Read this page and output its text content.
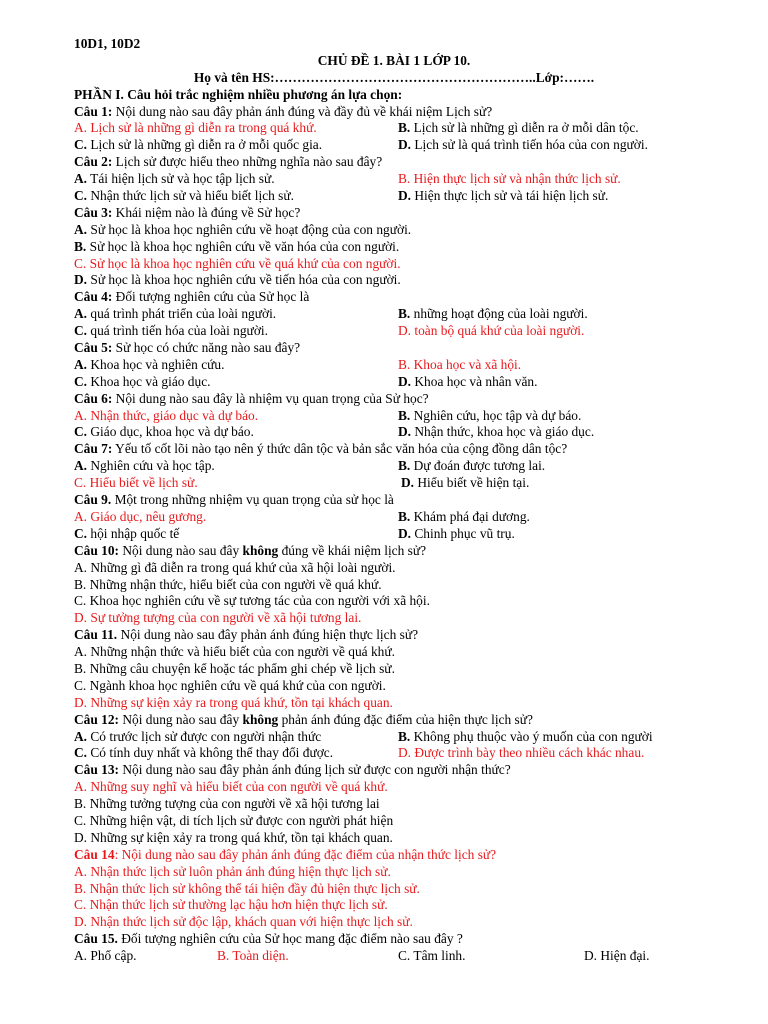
10D1, 10D2
CHỦ ĐỀ 1. BÀI 1 LỚP 10.
Họ và tên HS:…………………………………………………..Lớp:…….
PHẦN I. Câu hỏi trắc nghiệm nhiều phương án lựa chọn:
Câu 1: Nội dung nào sau đây phản ánh đúng và đầy đủ về khái niệm Lịch sử?
A. Lịch sử là những gì diễn ra trong quá khứ.	B. Lịch sử là những gì diễn ra ở mỗi dân tộc.
C. Lịch sử là những gì diễn ra ở mỗi quốc gia.	D. Lịch sử là quá trình tiến hóa của con người.
Câu 2: Lịch sử được hiểu theo những nghĩa nào sau đây?
A. Tái hiện lịch sử và học tập lịch sử.	B. Hiện thực lịch sử và nhận thức lịch sử.
C. Nhận thức lịch sử và hiểu biết lịch sử.	D. Hiện thực lịch sử và tái hiện lịch sử.
Câu 3: Khái niệm nào là đúng về Sử học?
A. Sử học là khoa học nghiên cứu về hoạt động của con người.
B. Sử học là khoa học nghiên cứu về văn hóa của con người.
C. Sử học là khoa học nghiên cứu về quá khứ của con người.
D. Sử học là khoa học nghiên cứu về tiến hóa của con người.
Câu 4: Đối tượng nghiên cứu của Sử học là
A. quá trình phát triển của loài người.	B. những hoạt động của loài người.
C. quá trình tiến hóa của loài người.	D. toàn bộ quá khứ của loài người.
Câu 5: Sử học có chức năng nào sau đây?
A. Khoa học và nghiên cứu.	B. Khoa học và xã hội.
C. Khoa học và giáo dục.	D. Khoa học và nhân văn.
Câu 6: Nội dung nào sau đây là nhiệm vụ quan trọng của Sử học?
A. Nhận thức, giáo dục và dự báo.	B. Nghiên cứu, học tập và dự báo.
C. Giáo dục, khoa học và dự báo.	D. Nhận thức, khoa học và giáo dục.
Câu 7: Yếu tố cốt lõi nào tạo nên ý thức dân tộc và bản sắc văn hóa của cộng đồng dân tộc?
A. Nghiên cứu và học tập.	B. Dự đoán được tương lai.
C. Hiểu biết về lịch sử.	D. Hiểu biết về hiện tại.
Câu 9. Một trong những nhiệm vụ quan trọng của sử học là
A. Giáo dục, nêu gương.	B. Khám phá đại dương.
C. hội nhập quốc tế	D. Chinh phục vũ trụ.
Câu 10: Nội dung nào sau đây không đúng về khái niệm lịch sử?
A. Những gì đã diễn ra trong quá khứ của xã hội loài người.
B. Những nhận thức, hiểu biết của con người về quá khứ.
C. Khoa học nghiên cứu về sự tương tác của con người với xã hội.
D. Sự tưởng tượng của con người về xã hội tương lai.
Câu 11. Nội dung nào sau đây phản ánh đúng hiện thực lịch sử?
A. Những nhận thức và hiểu biết của con người về quá khứ.
B. Những câu chuyện kể hoặc tác phẩm ghi chép về lịch sử.
C. Ngành khoa học nghiên cứu về quá khứ của con người.
D. Những sự kiện xảy ra trong quá khứ, tồn tại khách quan.
Câu 12: Nội dung nào sau đây không phản ánh đúng đặc điểm của hiện thực lịch sử?
A. Có trước lịch sử được con người nhận thức	B. Không phụ thuộc vào ý muốn của con người
C. Có tính duy nhất và không thể thay đổi được.	D. Được trình bày theo nhiều cách khác nhau.
Câu 13: Nội dung nào sau đây phản ánh đúng lịch sử được con người nhận thức?
A. Những suy nghĩ và hiểu biết của con người về quá khứ.
B. Những tưởng tượng của con người về xã hội tương lai
C. Những hiện vật, di tích lịch sử được con người phát hiện
D. Những sự kiện xảy ra trong quá khứ, tồn tại khách quan.
Câu 14: Nội dung nào sau đây phản ánh đúng đặc điểm của nhận thức lịch sử?
A. Nhận thức lịch sử luôn phản ánh đúng hiện thực lịch sử.
B. Nhận thức lịch sử không thể tái hiện đầy đủ hiện thực lịch sử.
C. Nhận thức lịch sử thường lạc hậu hơn hiện thực lịch sử.
D. Nhận thức lịch sử độc lập, khách quan với hiện thực lịch sử.
Câu 15. Đối tượng nghiên cứu của Sử học mang đặc điểm nào sau đây ?
A. Phổ cập.	B. Toàn diện.	C. Tâm linh.	D. Hiện đại.
